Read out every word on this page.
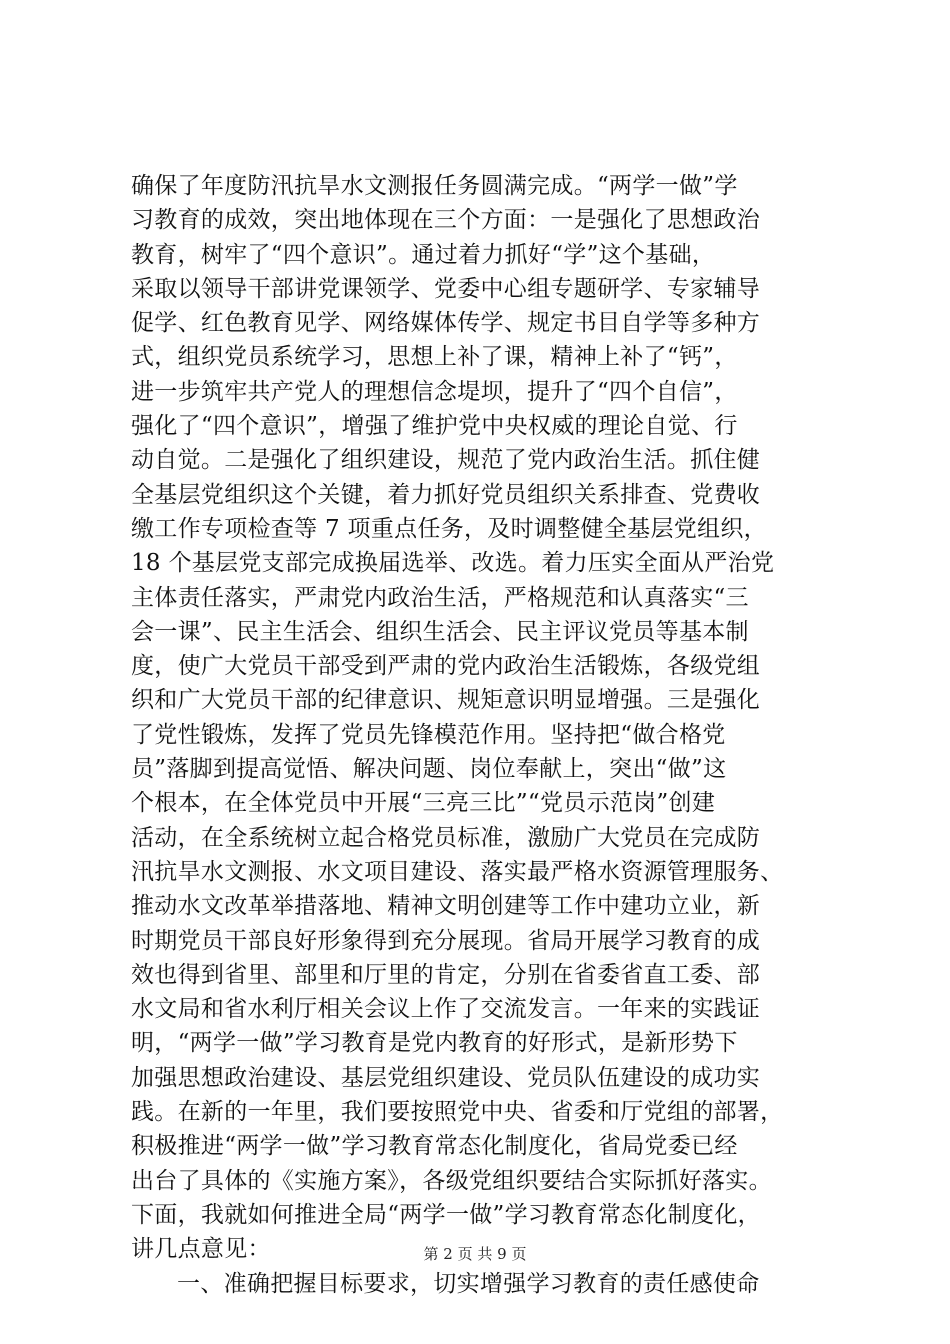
确保了年度防汛抗旱水文测报任务圆满完成。“两学一做”学
习教育的成效，突出地体现在三个方面：一是强化了思想政治
教育，树牢了“四个意识”。通过着力抓好“学”这个基础，
采取以领导干部讲党课领学、党委中心组专题研学、专家辅导
促学、红色教育见学、网络媒体传学、规定书目自学等多种方
式，组织党员系统学习，思想上补了课，精神上补了“钙”，
进一步筑牢共产党人的理想信念堤坝，提升了“四个自信”，
强化了“四个意识”，增强了维护党中央权威的理论自觉、行
动自觉。二是强化了组织建设，规范了党内政治生活。抓住健
全基层党组织这个关键，着力抓好党员组织关系排查、党费收
缴工作专项检查等 7 项重点任务，及时调整健全基层党组织，
18 个基层党支部完成换届选举、改选。着力压实全面从严治党
主体责任落实，严肃党内政治生活，严格规范和认真落实“三
会一课”、民主生活会、组织生活会、民主评议党员等基本制
度，使广大党员干部受到严肃的党内政治生活锻炼，各级党组
织和广大党员干部的纪律意识、规矩意识明显增强。三是强化
了党性锻炼，发挥了党员先锋模范作用。坚持把“做合格党
员”落脚到提高觉悟、解决问题、岗位奉献上，突出“做”这
个根本，在全体党员中开展“三亮三比”“党员示范岗”创建
活动，在全系统树立起合格党员标准，激励广大党员在完成防
汛抗旱水文测报、水文项目建设、落实最严格水资源管理服务、
推动水文改革举措落地、精神文明创建等工作中建功立业，新
时期党员干部良好形象得到充分展现。省局开展学习教育的成
效也得到省里、部里和厅里的肯定，分别在省委省直工委、部
水文局和省水利厅相关会议上作了交流发言。一年来的实践证
明，“两学一做”学习教育是党内教育的好形式，是新形势下
加强思想政治建设、基层党组织建设、党员队伍建设的成功实
践。在新的一年里，我们要按照党中央、省委和厅党组的部署，
积极推进“两学一做”学习教育常态化制度化，省局党委已经
出台了具体的《实施方案》，各级党组织要结合实际抓好落实。
下面，我就如何推进全局“两学一做”学习教育常态化制度化，
讲几点意见：
一、准确把握目标要求，切实增强学习教育的责任感使命
第 2 页 共 9 页
